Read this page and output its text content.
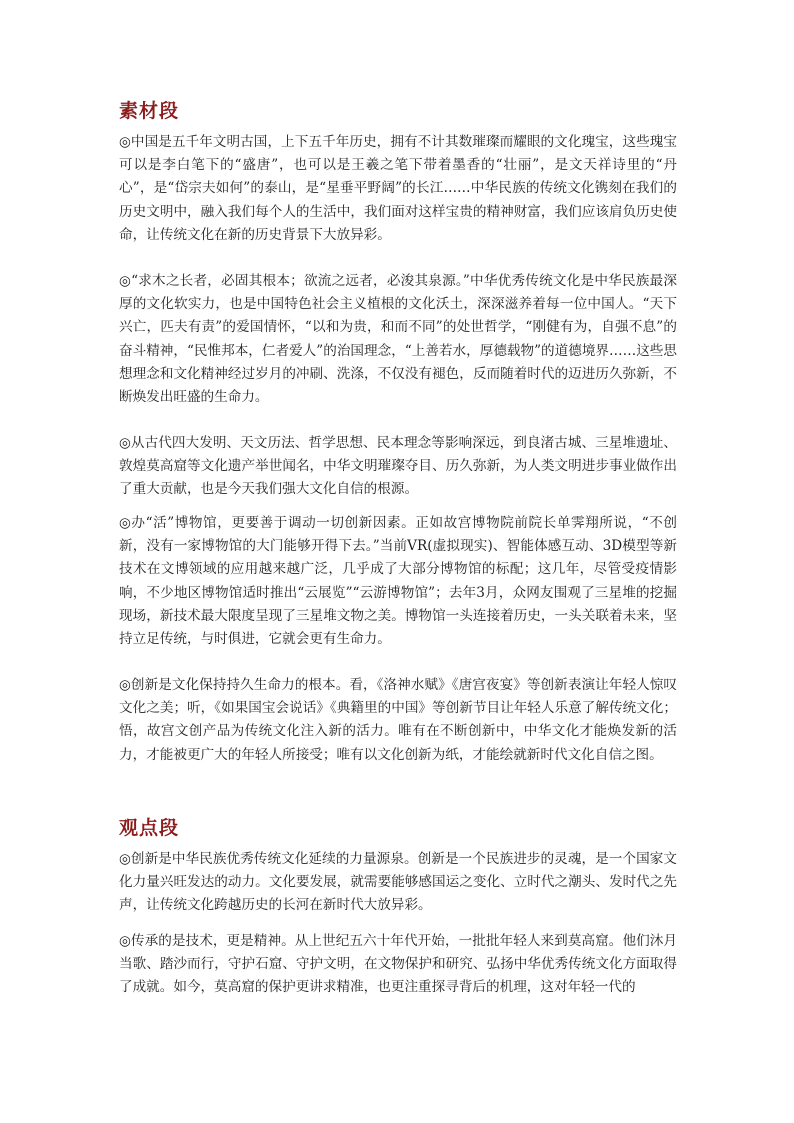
素材段

◎中国是五千年文明古国，上下五千年历史，拥有不计其数璀璨而耀眼的文化瑰宝，这些瑰宝可以是李白笔下的“盛唐”，也可以是王羲之笔下带着墨香的“壮丽”，是文天祥诗里的“丹心”，是“岱宗夫如何”的泰山，是“星垂平野阔”的长江……中华民族的传统文化镌刻在我们的历史文明中，融入我们每个人的生活中，我们面对这样宝贵的精神财富，我们应该肩负历史使命，让传统文化在新的历史背景下大放异彩。

◎“求木之长者，必固其根本；欲流之远者，必浚其泉源。”中华优秀传统文化是中华民族最深厚的文化软实力，也是中国特色社会主义植根的文化沃土，深深滋养着每一位中国人。“天下兴亡，匹夫有责”的爱国情怀，“以和为贵，和而不同”的处世哲学，“刚健有为，自强不息”的奋斗精神，“民惟邦本，仁者爱人”的治国理念，“上善若水，厚德载物”的道德境界……这些思想理念和文化精神经过岁月的冲刷、洗涤，不仅没有褪色，反而随着时代的迈进历久弥新，不断焕发出旺盛的生命力。

◎从古代四大发明、天文历法、哲学思想、民本理念等影响深远，到良渚古城、三星堆遗址、敦煌莫高窟等文化遗产举世闻名，中华文明璀璨夺目、历久弥新，为人类文明进步事业做作出了重大贡献，也是今天我们强大文化自信的根源。

◎办“活”博物馆，更要善于调动一切创新因素。正如故宫博物院前院长单霁翔所说，“不创新，没有一家博物馆的大门能够开得下去。”当前VR(虚拟现实)、智能体感互动、3D模型等新技术在文博领域的应用越来越广泛，几乎成了大部分博物馆的标配；这几年，尽管受疫情影响，不少地区博物馆适时推出“云展览”“云游博物馆”；去年3月，众网友围观了三星堆的挖掘现场，新技术最大限度呈现了三星堆文物之美。博物馆一头连接着历史，一头关联着未来，坚持立足传统，与时俱进，它就会更有生命力。

◎创新是文化保持持久生命力的根本。看，《洛神水赋》《唐宫夜宴》等创新表演让年轻人惊叹文化之美；听，《如果国宝会说话》《典籍里的中国》等创新节目让年轻人乐意了解传统文化；悟，故宫文创产品为传统文化注入新的活力。唯有在不断创新中，中华文化才能焕发新的活力，才能被更广大的年轻人所接受；唯有以文化创新为纸，才能绘就新时代文化自信之图。

观点段

◎创新是中华民族优秀传统文化延续的力量源泉。创新是一个民族进步的灵魂，是一个国家文化力量兴旺发达的动力。文化要发展，就需要能够感国运之变化、立时代之潮头、发时代之先声，让传统文化跨越历史的长河在新时代大放异彩。

◎传承的是技术，更是精神。从上世纪五六十年代开始，一批批年轻人来到莫高窟。他们沐月当歌、踏沙而行，守护石窟、守护文明，在文物保护和研究、弘扬中华优秀传统文化方面取得了成就。如今，莫高窟的保护更讲求精准，也更注重探寻背后的机理，这对年轻一代的
